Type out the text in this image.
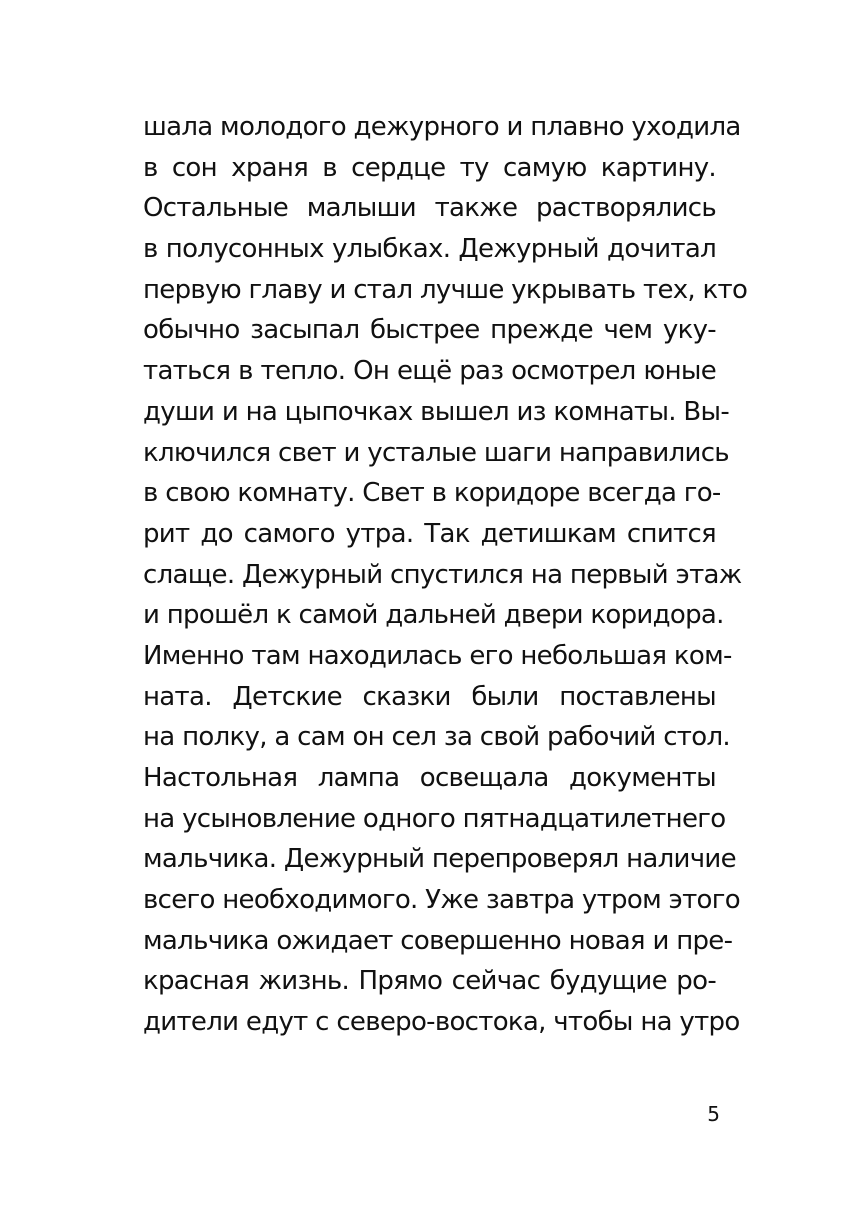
шала молодого дежурного и плавно уходила
в сон храня в сердце ту самую картину.
Остальные малыши также растворялись
в полусонных улыбках. Дежурный дочитал
первую главу и стал лучше укрывать тех, кто
обычно засыпал быстрее прежде чем уку-
таться в тепло. Он ещё раз осмотрел юные
души и на цыпочках вышел из комнаты. Вы-
ключился свет и усталые шаги направились
в свою комнату. Свет в коридоре всегда го-
рит до самого утра. Так детишкам спится
слаще. Дежурный спустился на первый этаж
и прошёл к самой дальней двери коридора.
Именно там находилась его небольшая ком-
ната. Детские сказки были поставлены
на полку, а сам он сел за свой рабочий стол.
Настольная лампа освещала документы
на усыновление одного пятнадцатилетнего
мальчика. Дежурный перепроверял наличие
всего необходимого. Уже завтра утром этого
мальчика ожидает совершенно новая и пре-
красная жизнь. Прямо сейчас будущие ро-
дители едут с северо-востока, чтобы на утро
5
